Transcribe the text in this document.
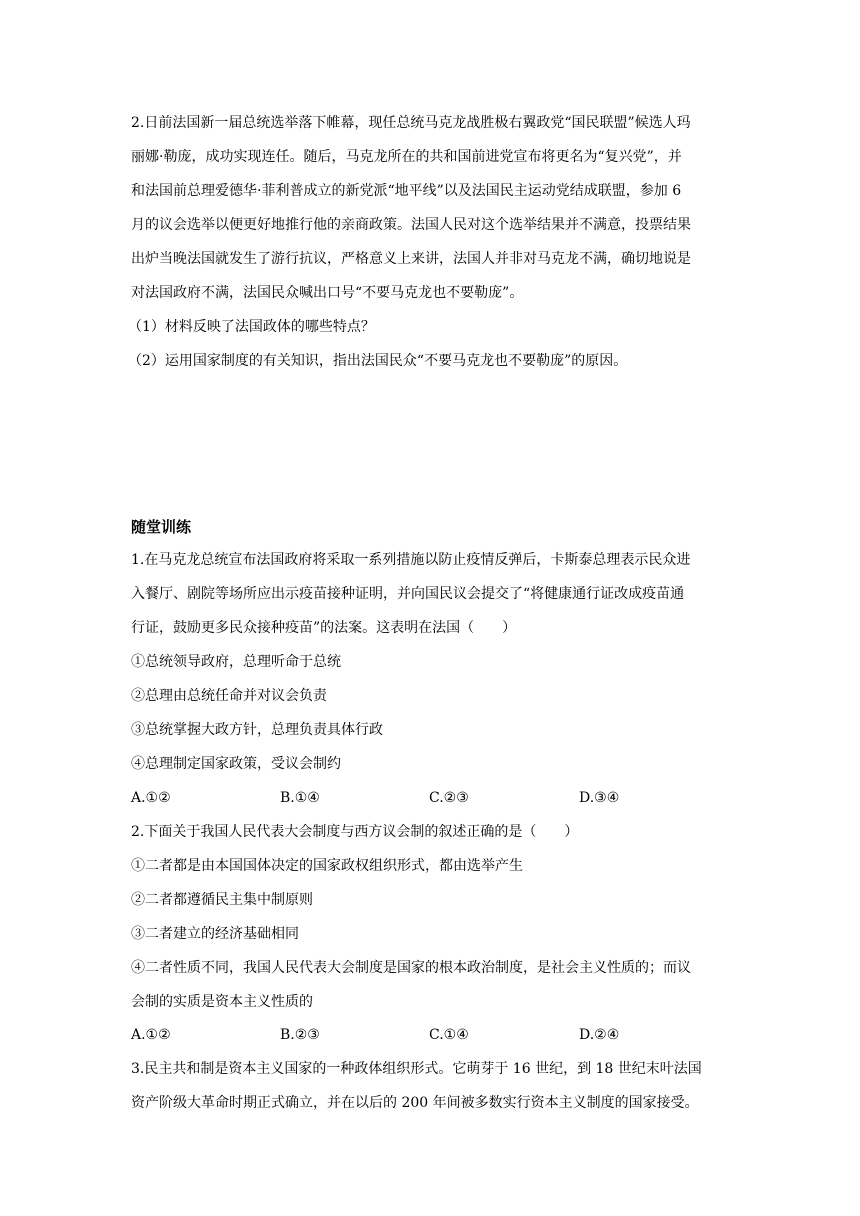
2.日前法国新一届总统选举落下帷幕，现任总统马克龙战胜极右翼政党“国民联盟”候选人玛
丽娜·勒庞，成功实现连任。随后，马克龙所在的共和国前进党宣布将更名为“复兴党”，并
和法国前总理爱德华·菲利普成立的新党派“地平线”以及法国民主运动党结成联盟，参加 6
月的议会选举以便更好地推行他的亲商政策。法国人民对这个选举结果并不满意，投票结果
出炉当晚法国就发生了游行抗议，严格意义上来讲，法国人并非对马克龙不满，确切地说是
对法国政府不满，法国民众喊出口号“不要马克龙也不要勒庞”。
（1）材料反映了法国政体的哪些特点？
（2）运用国家制度的有关知识，指出法国民众“不要马克龙也不要勒庞”的原因。
随堂训练
1.在马克龙总统宣布法国政府将采取一系列措施以防止疫情反弹后，卡斯泰总理表示民众进
入餐厅、剧院等场所应出示疫苗接种证明，并向国民议会提交了“将健康通行证改成疫苗通
行证，鼓励更多民众接种疫苗”的法案。这表明在法国（　　）
①总统领导政府，总理听命于总统
②总理由总统任命并对议会负责
③总统掌握大政方针，总理负责具体行政
④总理制定国家政策，受议会制约
A.①②	B.①④	C.②③	D.③④
2.下面关于我国人民代表大会制度与西方议会制的叙述正确的是（　　）
①二者都是由本国国体决定的国家政权组织形式，都由选举产生
②二者都遵循民主集中制原则
③二者建立的经济基础相同
④二者性质不同，我国人民代表大会制度是国家的根本政治制度，是社会主义性质的；而议
会制的实质是资本主义性质的
A.①②	B.②③	C.①④	D.②④
3.民主共和制是资本主义国家的一种政体组织形式。它萌芽于 16 世纪，到 18 世纪末叶法国
资产阶级大革命时期正式确立，并在以后的 200 年间被多数实行资本主义制度的国家接受。
